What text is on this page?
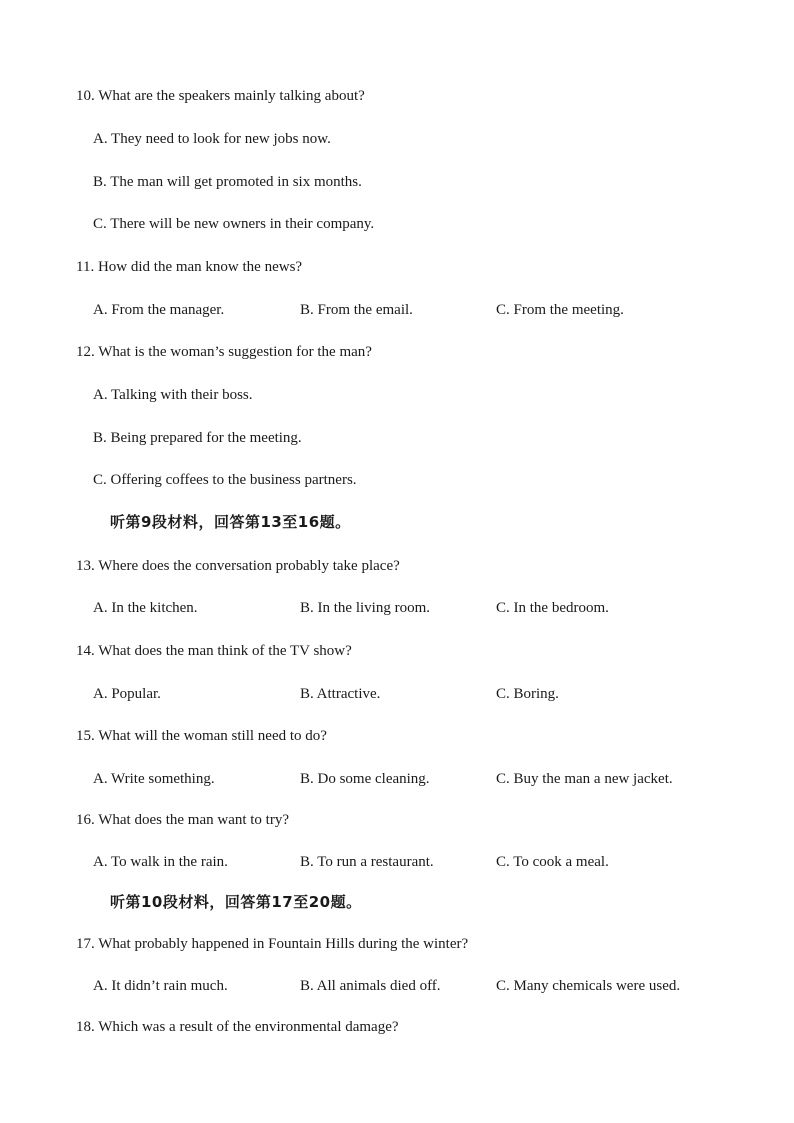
10. What are the speakers mainly talking about?
A. They need to look for new jobs now.
B. The man will get promoted in six months.
C. There will be new owners in their company.
11. How did the man know the news?
A. From the manager.	B. From the email.	C. From the meeting.
12. What is the woman’s suggestion for the man?
A. Talking with their boss.
B. Being prepared for the meeting.
C. Offering coffees to the business partners.
听第9段材料，回答第13至16题。
13. Where does the conversation probably take place?
A. In the kitchen.	B. In the living room.	C. In the bedroom.
14. What does the man think of the TV show?
A. Popular.	B. Attractive.	C. Boring.
15. What will the woman still need to do?
A. Write something.	B. Do some cleaning.	C. Buy the man a new jacket.
16. What does the man want to try?
A. To walk in the rain.	B. To run a restaurant.	C. To cook a meal.
听第10段材料，回答第17至20题。
17. What probably happened in Fountain Hills during the winter?
A. It didn’t rain much.	B. All animals died off.	C. Many chemicals were used.
18. Which was a result of the environmental damage?
